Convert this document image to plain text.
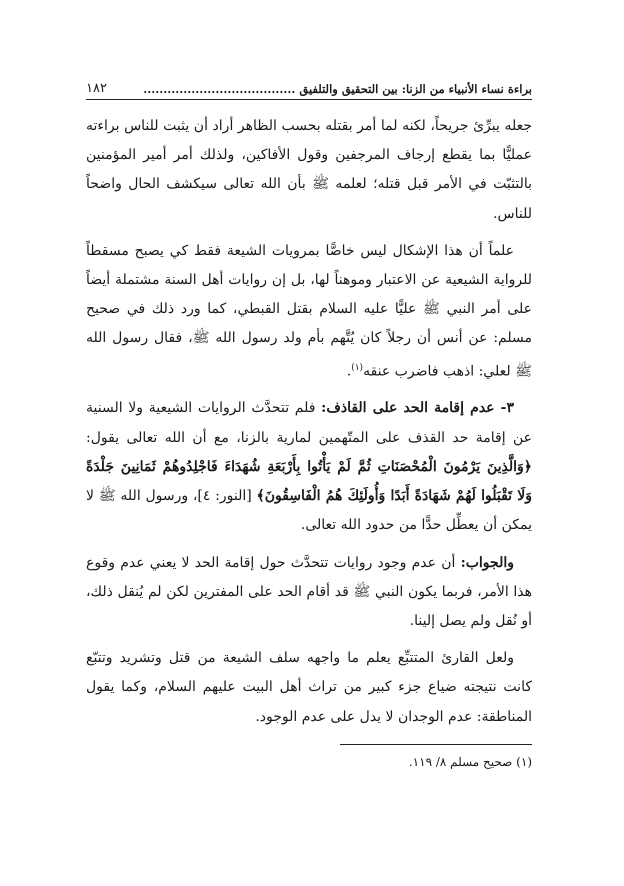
براءة نساء الأنبياء من الزنا: بين التحقيق والتلفيق ......................................
١٨٢

جعله يبرِّئ جريحاً، لكنه لما أمر بقتله بحسب الظاهر أراد أن يثبت للناس براءته عمليًّا بما يقطع إرجاف المرجفين وقول الأفاكين، ولذلك أمر أمير المؤمنين بالتثبّت في الأمر قبل قتله؛ لعلمه ﷺ بأن الله تعالى سيكشف الحال واضحاً للناس.

علماً أن هذا الإشكال ليس خاصًّا بمرويات الشيعة فقط كي يصبح مسقطاً للرواية الشيعية عن الاعتبار وموهناً لها، بل إن روايات أهل السنة مشتملة أيضاً على أمر النبي ﷺ عليًّا عليه السلام بقتل القبطي، كما ورد ذلك في صحيح مسلم: عن أنس أن رجلاً كان يُتَّهم بأم ولد رسول الله ﷺ، فقال رسول الله ﷺ لعلي: اذهب فاضرب عنقه$^{(١)}$.

٣- عدم إقامة الحد على القاذف: فلم تتحدَّث الروايات الشيعية ولا السنية عن إقامة حد القذف على المتّهمين لمارية بالزنا، مع أن الله تعالى يقول: ﴿وَالَّذِينَ يَرْمُونَ الْمُحْصَنَاتِ ثُمَّ لَمْ يَأْتُوا بِأَرْبَعَةِ شُهَدَاءَ فَاجْلِدُوهُمْ ثَمَانِينَ جَلْدَةً وَلَا تَقْبَلُوا لَهُمْ شَهَادَةً أَبَدًا وَأُولَئِكَ هُمُ الْفَاسِقُونَ﴾ [النور: ٤]، ورسول الله ﷺ لا يمكن أن يعطِّل حدًّا من حدود الله تعالى.

والجواب: أن عدم وجود روايات تتحدَّث حول إقامة الحد لا يعني عدم وقوع هذا الأمر، فربما يكون النبي ﷺ قد أقام الحد على المفترين لكن لم يُنقل ذلك، أو نُقل ولم يصل إلينا.

ولعل القارئ المتتبِّع يعلم ما واجهه سلف الشيعة من قتل وتشريد وتتبّع كانت نتيجته ضياع جزء كبير من تراث أهل البيت عليهم السلام، وكما يقول المناطقة: عدم الوجدان لا يدل على عدم الوجود.

(١) صحيح مسلم ٨/ ١١٩.
